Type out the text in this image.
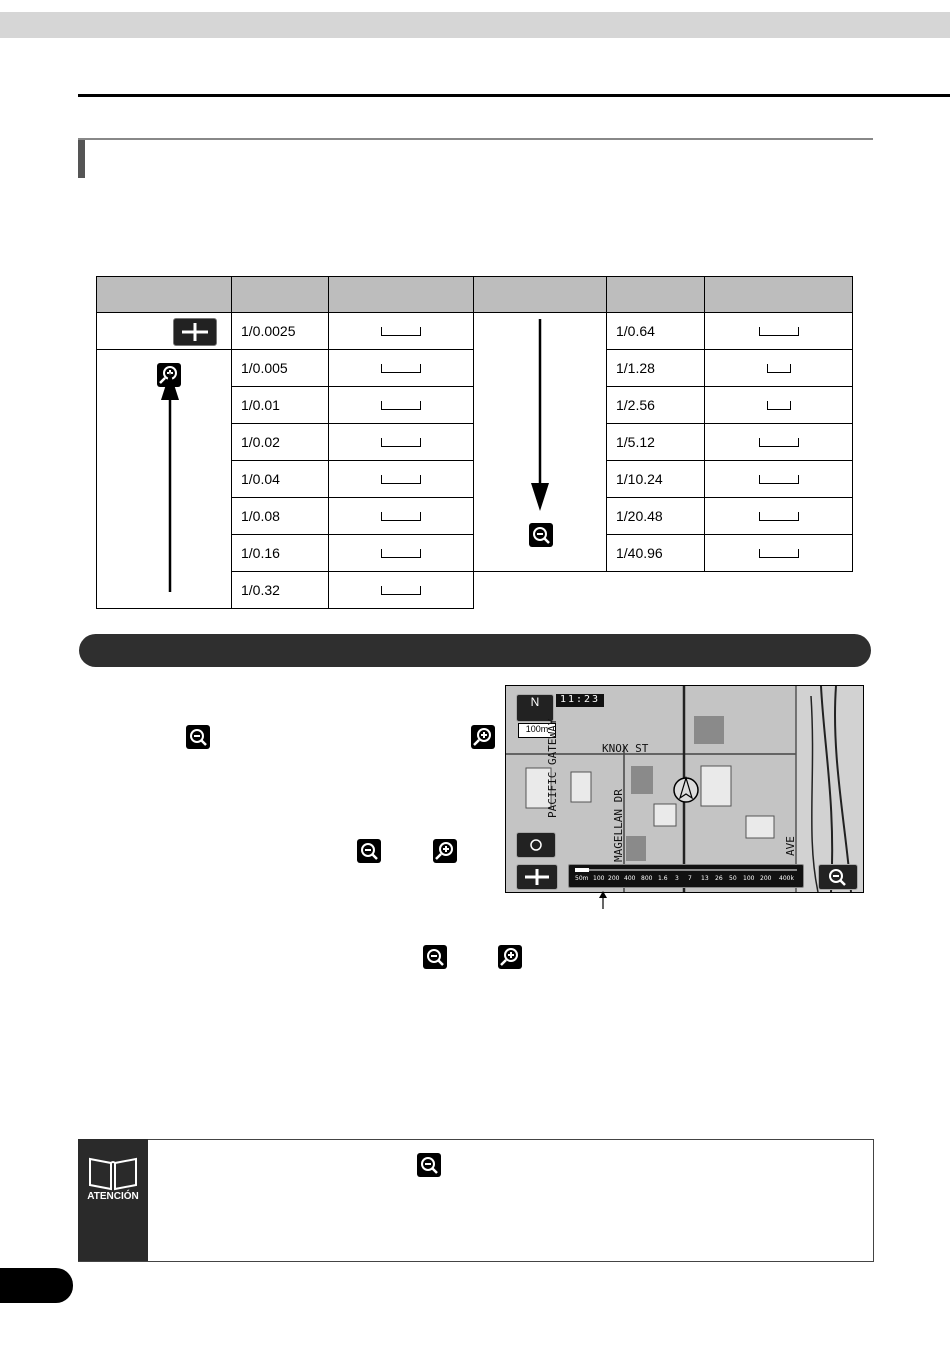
	1/0.0025			1/0.64	

	1/0.005			1/1.28	

	1/0.01			1/2.56	

	1/0.02			1/5.12	

	1/0.04			1/10.24	

	1/0.08			1/20.48	

	1/0.16			1/40.96	

	1/0.32			

N	11:23
100m
KNOX ST
PACIFIC GATEWAY
MAGELLAN DR	AVE
50m 100 200 400 800 1.6 3 7 13 26 50 100 200 400k
ATENCIÓN
